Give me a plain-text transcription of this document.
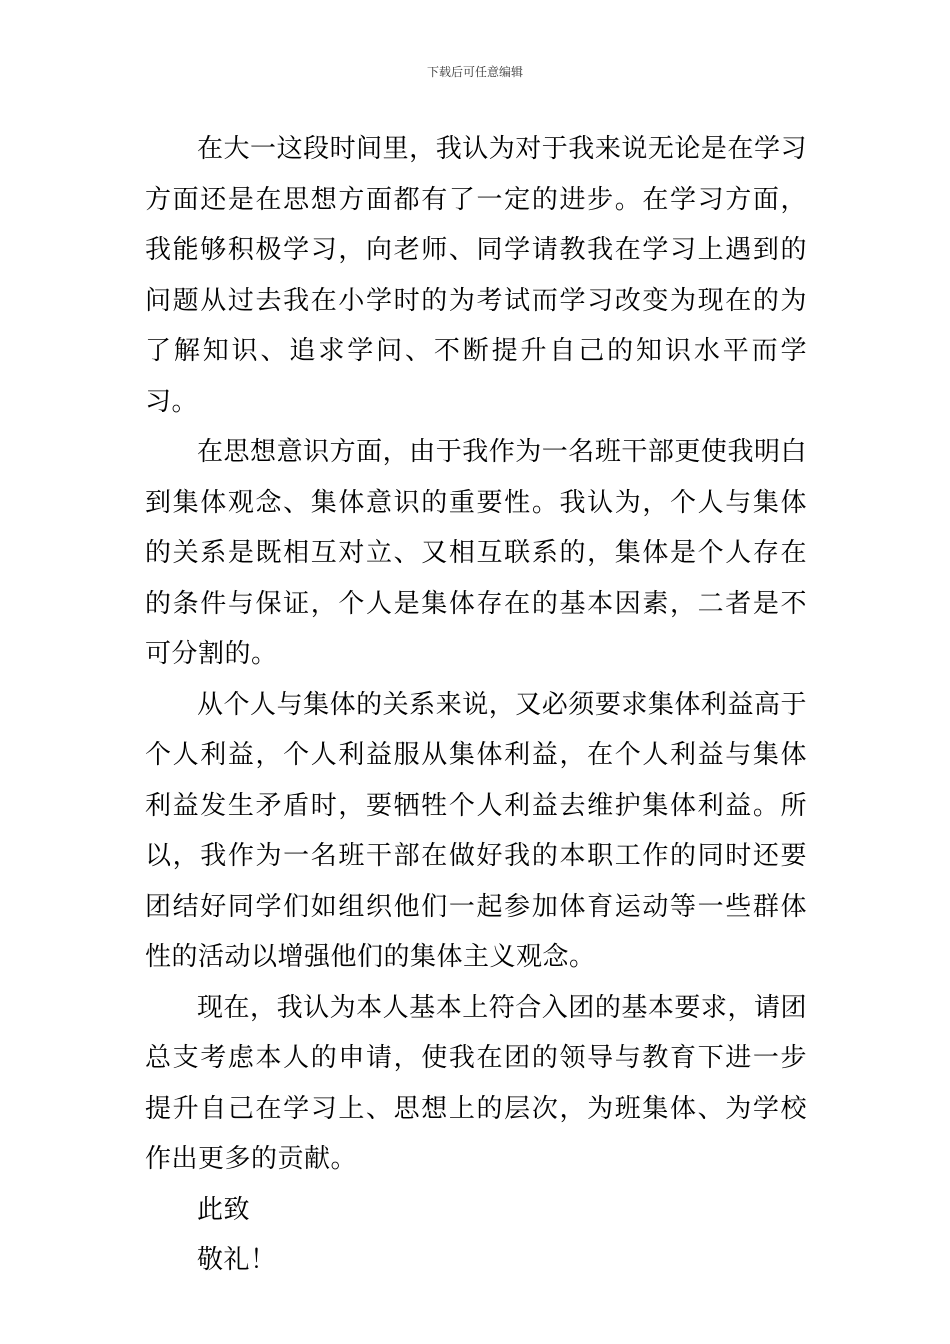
下载后可任意编辑

在大一这段时间里，我认为对于我来说无论是在学习方面还是在思想方面都有了一定的进步。在学习方面，我能够积极学习，向老师、同学请教我在学习上遇到的问题从过去我在小学时的为考试而学习改变为现在的为了解知识、追求学问、不断提升自己的知识水平而学习。

在思想意识方面，由于我作为一名班干部更使我明白到集体观念、集体意识的重要性。我认为，个人与集体的关系是既相互对立、又相互联系的，集体是个人存在的条件与保证，个人是集体存在的基本因素，二者是不可分割的。

从个人与集体的关系来说，又必须要求集体利益高于个人利益，个人利益服从集体利益，在个人利益与集体利益发生矛盾时，要牺牲个人利益去维护集体利益。所以，我作为一名班干部在做好我的本职工作的同时还要团结好同学们如组织他们一起参加体育运动等一些群体性的活动以增强他们的集体主义观念。

现在，我认为本人基本上符合入团的基本要求，请团总支考虑本人的申请，使我在团的领导与教育下进一步提升自己在学习上、思想上的层次，为班集体、为学校作出更多的贡献。

此致

敬礼！
